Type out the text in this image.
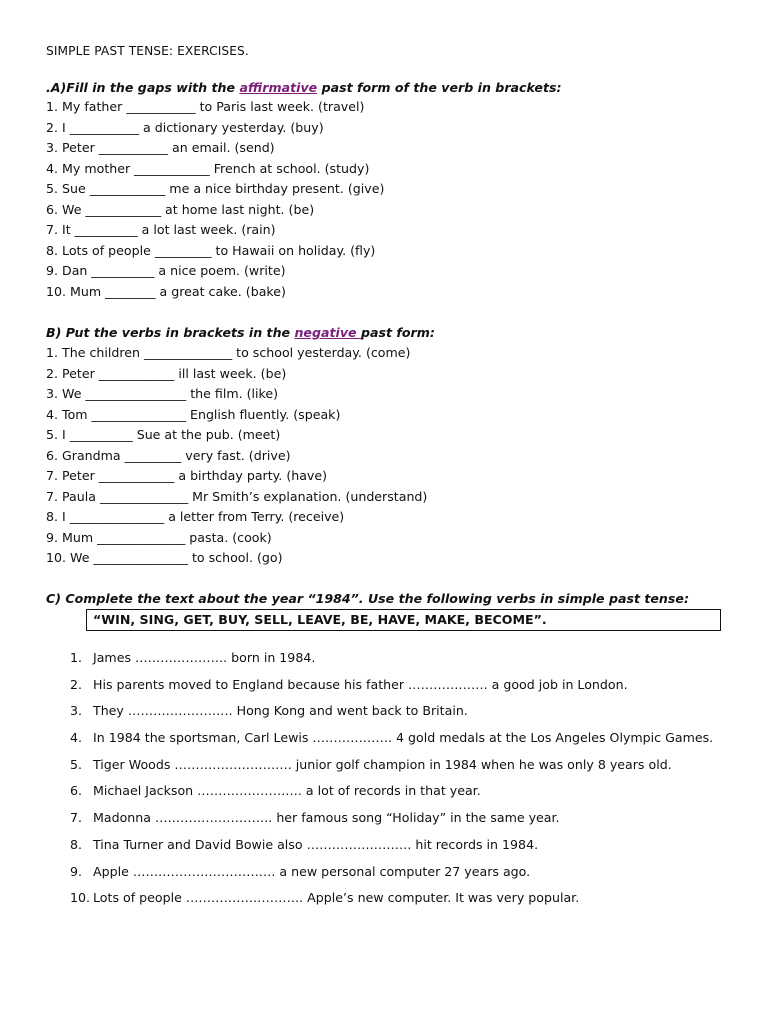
SIMPLE PAST TENSE: EXERCISES.
.A)Fill in the gaps with the affirmative past form of the verb in brackets:
1. My father ___________ to Paris last week. (travel)
2. I ___________ a dictionary yesterday. (buy)
3. Peter ___________ an email. (send)
4. My mother ____________ French at school. (study)
5. Sue ____________ me a nice birthday present. (give)
6. We ____________ at home last night. (be)
7. It __________ a lot last week. (rain)
8. Lots of people _________ to Hawaii on holiday. (fly)
9. Dan __________ a nice poem. (write)
10. Mum ________ a great cake. (bake)
B) Put the verbs in brackets in the negative past form:
1. The children ______________ to school yesterday. (come)
2. Peter ____________ ill last week. (be)
3. We ________________ the film. (like)
4. Tom _______________ English fluently. (speak)
5. I __________ Sue at the pub. (meet)
6. Grandma _________ very fast. (drive)
7. Peter ____________ a birthday party. (have)
7. Paula ______________ Mr Smith’s explanation. (understand)
8. I _______________ a letter from Terry. (receive)
9. Mum ______________ pasta. (cook)
10. We _______________ to school. (go)
C) Complete the text about the year “1984”. Use the following verbs in simple past tense:
“WIN, SING, GET, BUY, SELL, LEAVE, BE, HAVE, MAKE, BECOME”.
1. James …………………. born in 1984.
2. His parents moved to England because his father ………………. a good job in London.
3. They ……………………. Hong Kong and went back to Britain.
4. In 1984 the sportsman, Carl Lewis ………………. 4 gold medals at the Los Angeles Olympic Games.
5. Tiger Woods ………………………. junior golf champion in 1984 when he was only 8 years old.
6. Michael Jackson ……………………. a lot of records in that year.
7. Madonna ………………………. her famous song “Holiday” in the same year.
8. Tina Turner and David Bowie also ……………………. hit records in 1984.
9. Apple ……………………………. a new personal computer 27 years ago.
10. Lots of people ………………………. Apple’s new computer. It was very popular.
